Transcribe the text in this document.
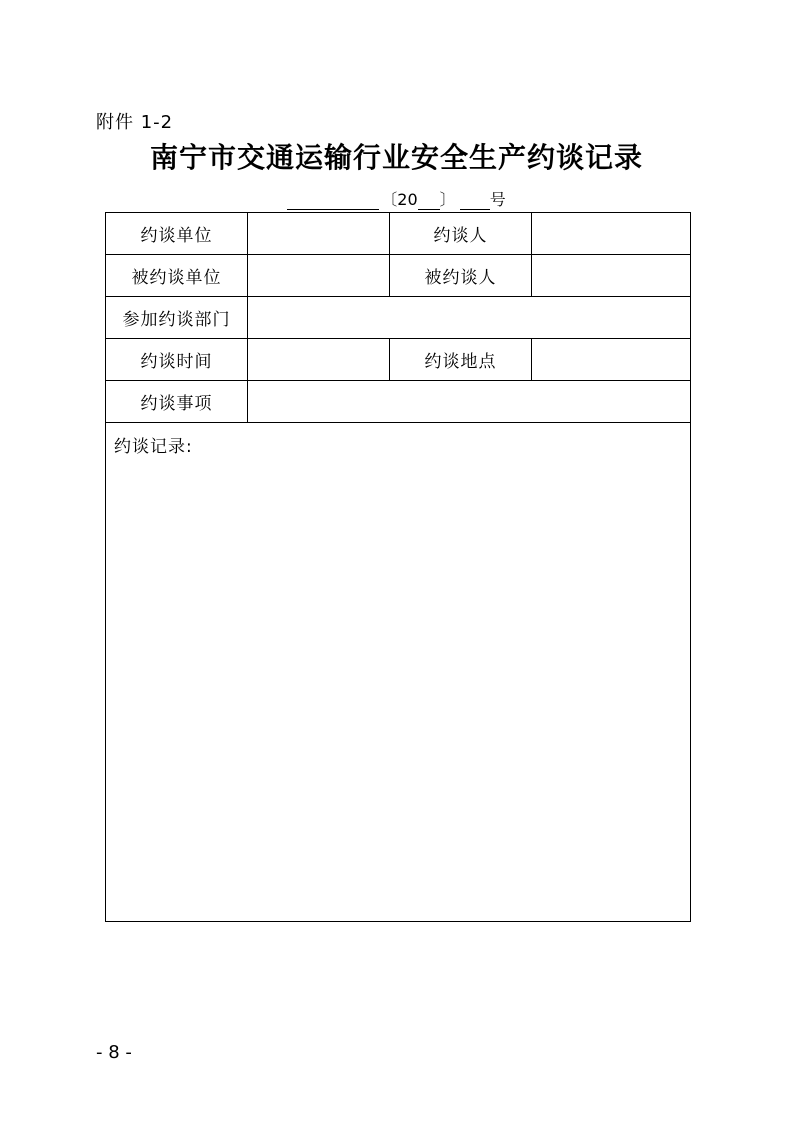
附件 1-2
南宁市交通运输行业安全生产约谈记录
〔20 〕 号
约谈单位		约谈人	
被约谈单位		被约谈人	
参加约谈部门			
约谈时间		约谈地点	
约谈事项			

约谈记录:			
- 8 -
